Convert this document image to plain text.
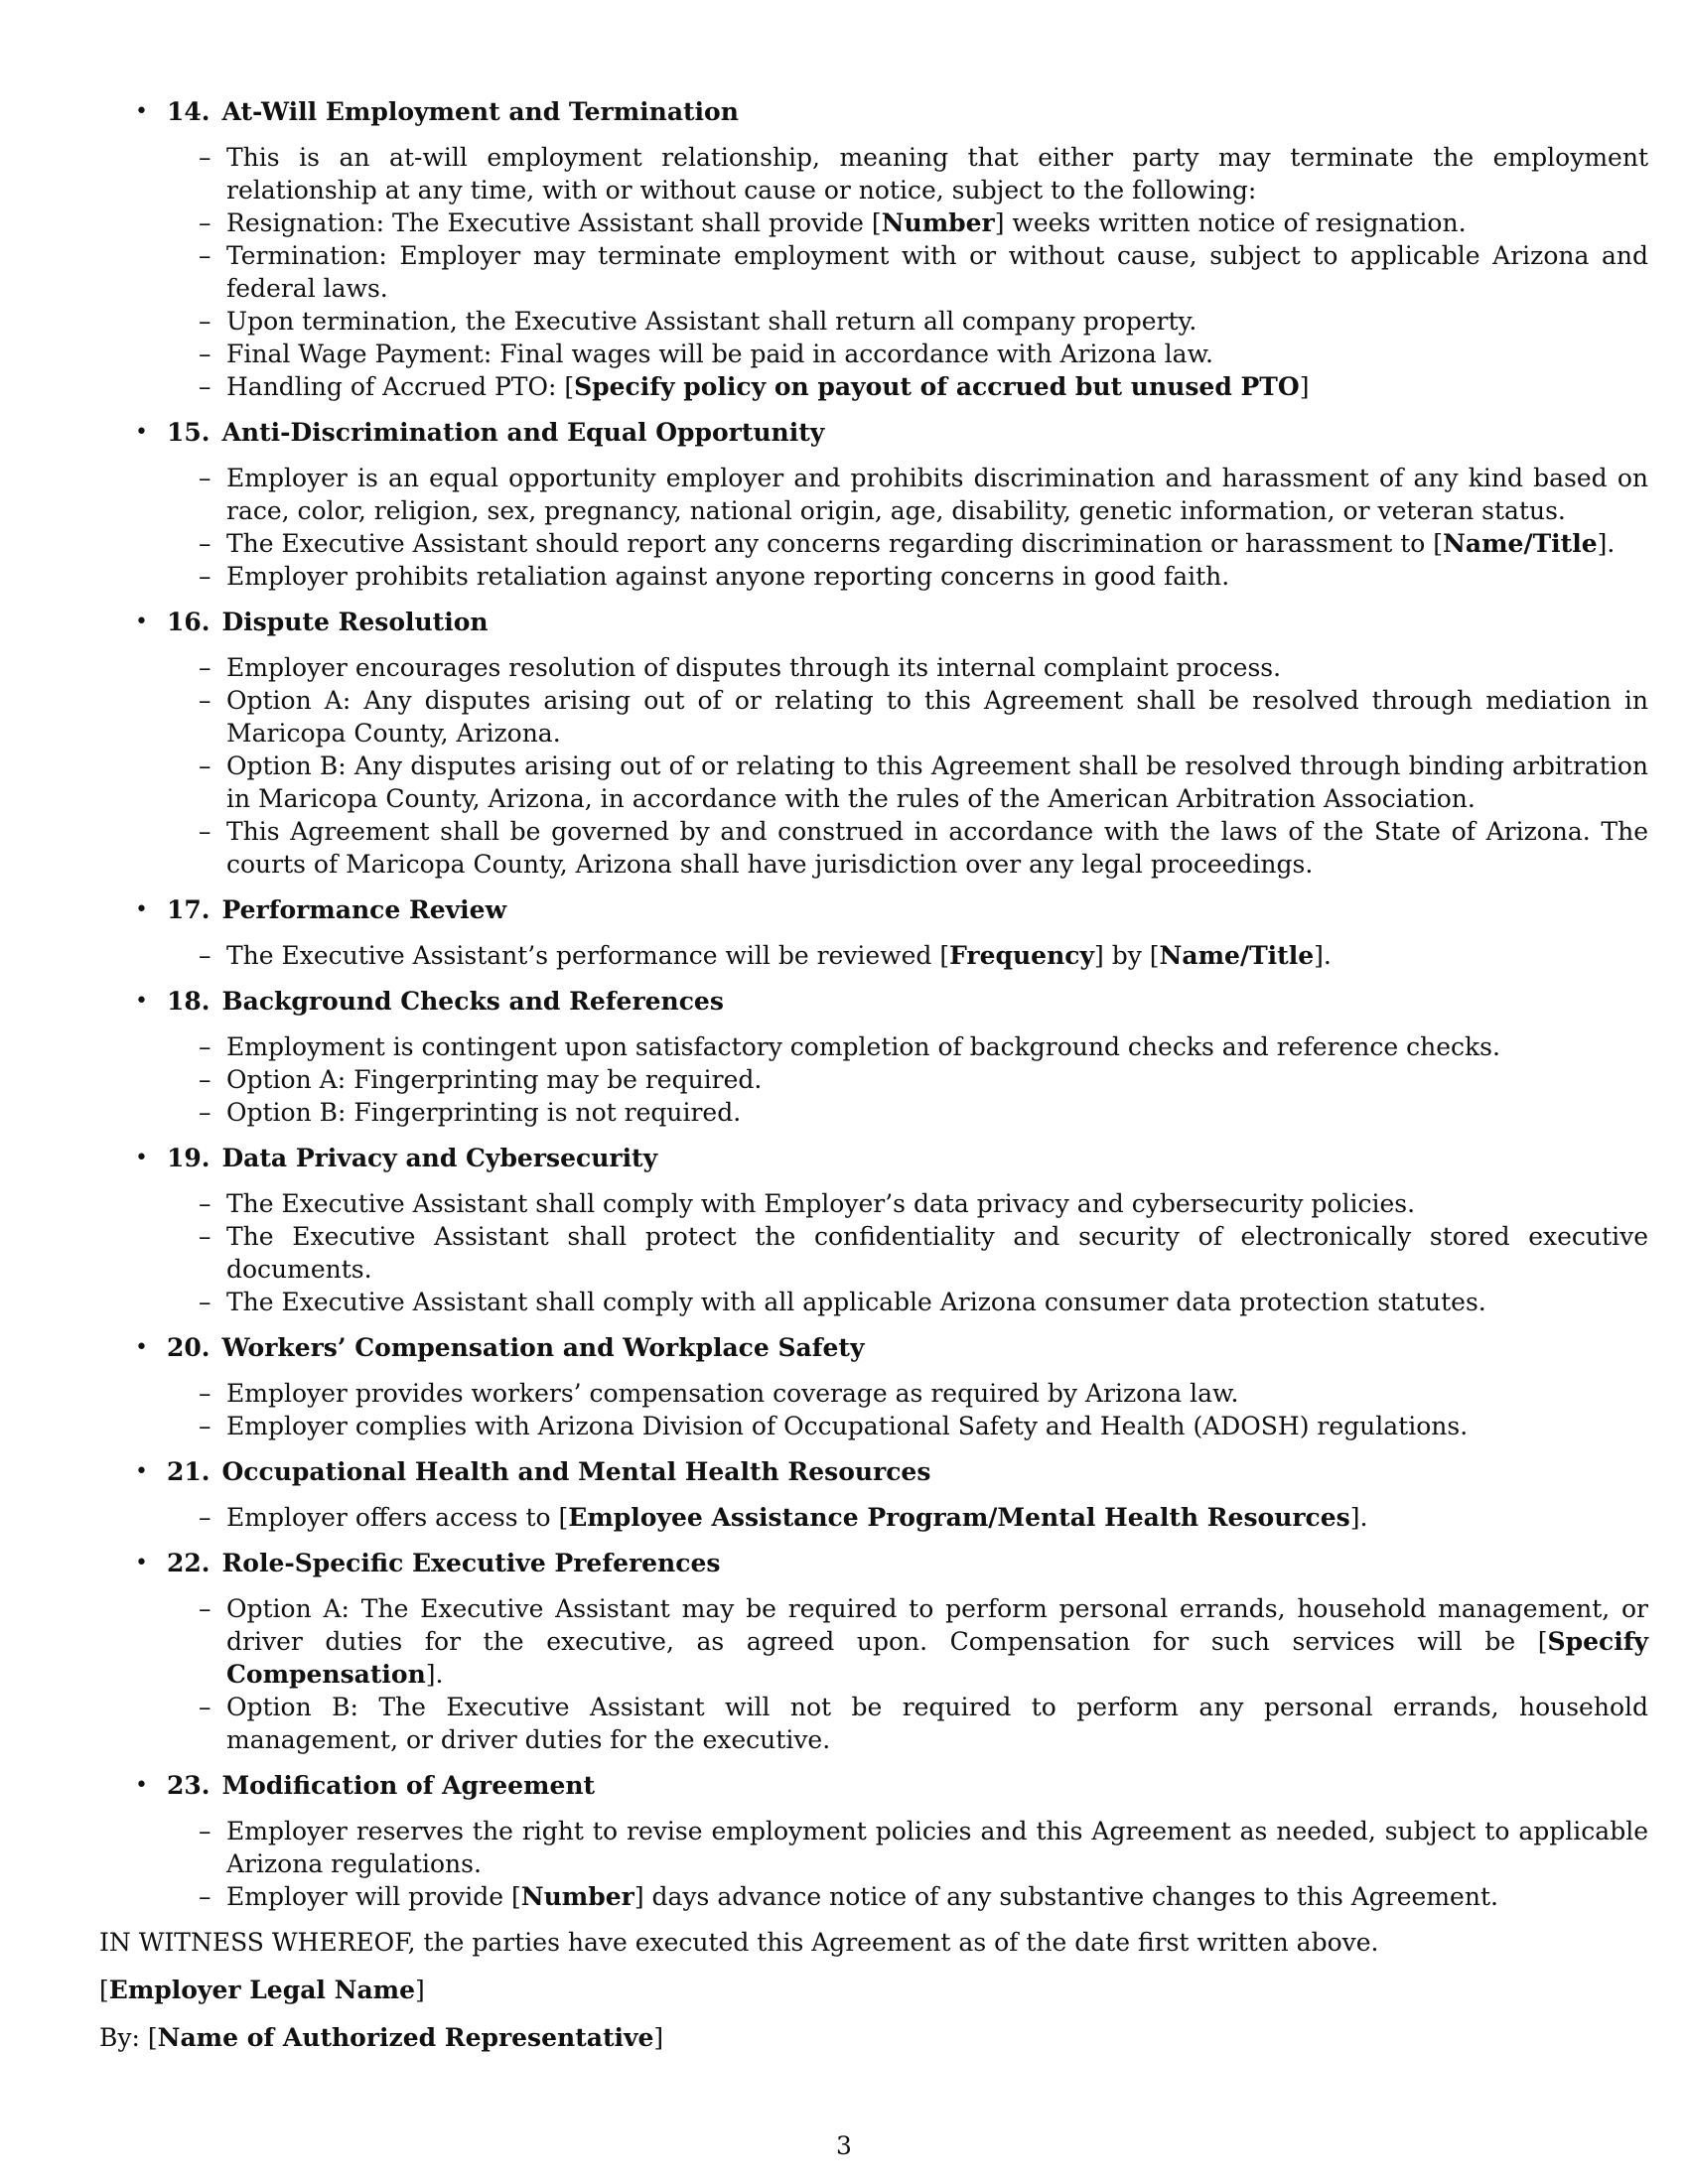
• 14. At-Will Employment and Termination
– This is an at-will employment relationship, meaning that either party may terminate the employment relationship at any time, with or without cause or notice, subject to the following:
– Resignation: The Executive Assistant shall provide [Number] weeks written notice of resignation.
– Termination: Employer may terminate employment with or without cause, subject to applicable Arizona and federal laws.
– Upon termination, the Executive Assistant shall return all company property.
– Final Wage Payment: Final wages will be paid in accordance with Arizona law.
– Handling of Accrued PTO: [Specify policy on payout of accrued but unused PTO]
• 15. Anti-Discrimination and Equal Opportunity
– Employer is an equal opportunity employer and prohibits discrimination and harassment of any kind based on race, color, religion, sex, pregnancy, national origin, age, disability, genetic information, or veteran status.
– The Executive Assistant should report any concerns regarding discrimination or harassment to [Name/Title].
– Employer prohibits retaliation against anyone reporting concerns in good faith.
• 16. Dispute Resolution
– Employer encourages resolution of disputes through its internal complaint process.
– Option A: Any disputes arising out of or relating to this Agreement shall be resolved through mediation in Maricopa County, Arizona.
– Option B: Any disputes arising out of or relating to this Agreement shall be resolved through binding arbitration in Maricopa County, Arizona, in accordance with the rules of the American Arbitration Association.
– This Agreement shall be governed by and construed in accordance with the laws of the State of Arizona. The courts of Maricopa County, Arizona shall have jurisdiction over any legal proceedings.
• 17. Performance Review
– The Executive Assistant’s performance will be reviewed [Frequency] by [Name/Title].
• 18. Background Checks and References
– Employment is contingent upon satisfactory completion of background checks and reference checks.
– Option A: Fingerprinting may be required.
– Option B: Fingerprinting is not required.
• 19. Data Privacy and Cybersecurity
– The Executive Assistant shall comply with Employer’s data privacy and cybersecurity policies.
– The Executive Assistant shall protect the confidentiality and security of electronically stored executive documents.
– The Executive Assistant shall comply with all applicable Arizona consumer data protection statutes.
• 20. Workers’ Compensation and Workplace Safety
– Employer provides workers’ compensation coverage as required by Arizona law.
– Employer complies with Arizona Division of Occupational Safety and Health (ADOSH) regulations.
• 21. Occupational Health and Mental Health Resources
– Employer offers access to [Employee Assistance Program/Mental Health Resources].
• 22. Role-Specific Executive Preferences
– Option A: The Executive Assistant may be required to perform personal errands, household management, or driver duties for the executive, as agreed upon. Compensation for such services will be [Specify Compensation].
– Option B: The Executive Assistant will not be required to perform any personal errands, household management, or driver duties for the executive.
• 23. Modification of Agreement
– Employer reserves the right to revise employment policies and this Agreement as needed, subject to applicable Arizona regulations.
– Employer will provide [Number] days advance notice of any substantive changes to this Agreement.

IN WITNESS WHEREOF, the parties have executed this Agreement as of the date first written above.

[Employer Legal Name]

By: [Name of Authorized Representative]

3
